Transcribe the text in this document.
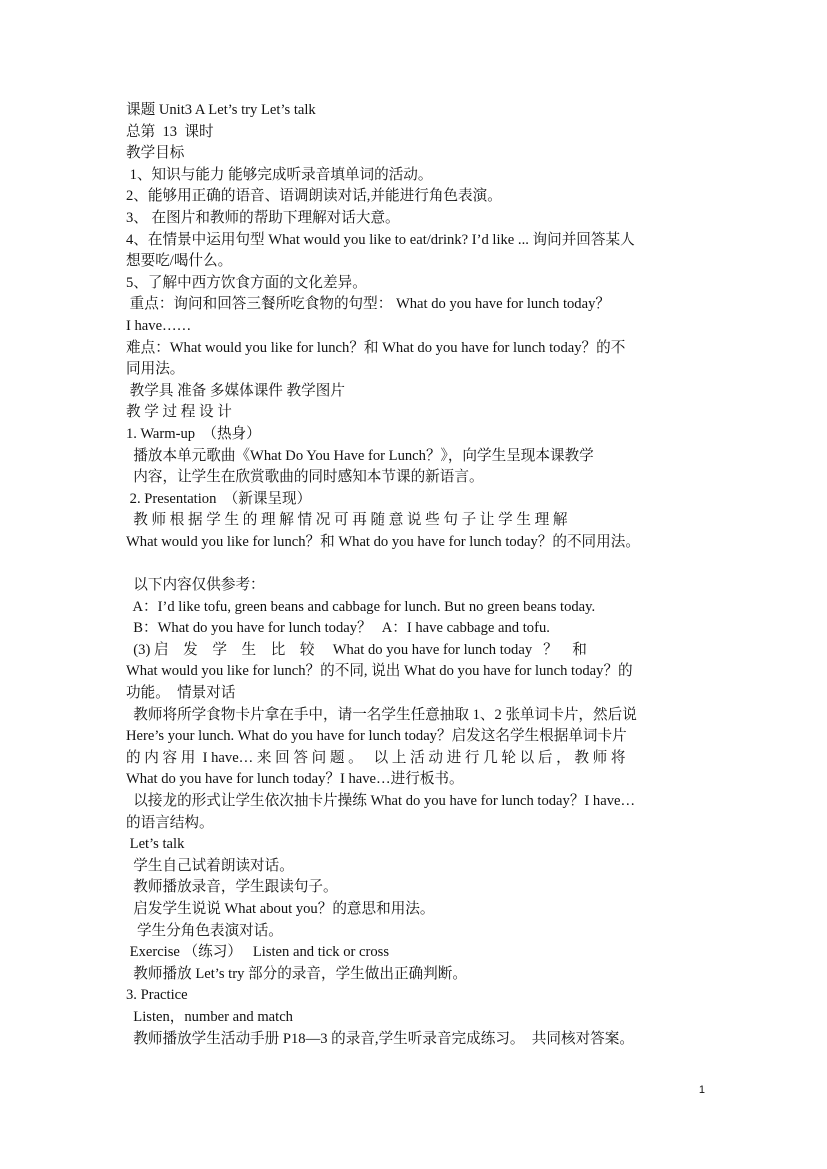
课题 Unit3 A Let’s try Let’s talk
总第  13  课时
教学目标
1、知识与能力 能够完成听录音填单词的活动。
2、能够用正确的语音、语调朗读对话,并能进行角色表演。
3、 在图片和教师的帮助下理解对话大意。
4、在情景中运用句型 What would you like to eat/drink? I’d like ... 询问并回答某人
想要吃/喝什么。
5、了解中西方饮食方面的文化差异。
重点：询问和回答三餐所吃食物的句型： What do you have for lunch today？
I have……
难点：What would you like for lunch？和 What do you have for lunch today？的不
同用法。
教学具 准备 多媒体课件 教学图片
教 学 过 程 设 计
1. Warm-up  （热身）
播放本单元歌曲《What Do You Have for Lunch？》，向学生呈现本课教学
内容，让学生在欣赏歌曲的同时感知本节课的新语言。
2. Presentation  （新课呈现）
教 师 根 据 学 生 的 理 解 情 况 可 再 随 意 说 些 句 子 让 学 生 理 解
What would you like for lunch？和 What do you have for lunch today？的不同用法。
以下内容仅供参考：
A：I’d like tofu, green beans and cabbage for lunch. But no green beans today.
B：What do you have for lunch today？   A：I have cabbage and tofu.
(3) 启    发    学    生    比    较     What do you have for lunch today   ？    和
What would you like for lunch？的不同, 说出 What do you have for lunch today？的
功能。  情景对话
教师将所学食物卡片拿在手中，请一名学生任意抽取 1、2 张单词卡片，然后说
Here’s your lunch. What do you have for lunch today？启发这名学生根据单词卡片
的 内 容 用  I have… 来 回 答 问 题 。   以 上 活 动 进 行 几 轮 以 后 ， 教 师 将
What do you have for lunch today？I have…进行板书。
以接龙的形式让学生依次抽卡片操练 What do you have for lunch today？I have…
的语言结构。
Let’s talk
学生自己试着朗读对话。
教师播放录音，学生跟读句子。
启发学生说说 What about you？的意思和用法。
学生分角色表演对话。
Exercise （练习）   Listen and tick or cross
教师播放 Let’s try 部分的录音，学生做出正确判断。
3. Practice
Listen，number and match
教师播放学生活动手册 P18—3 的录音,学生听录音完成练习。  共同核对答案。
1
